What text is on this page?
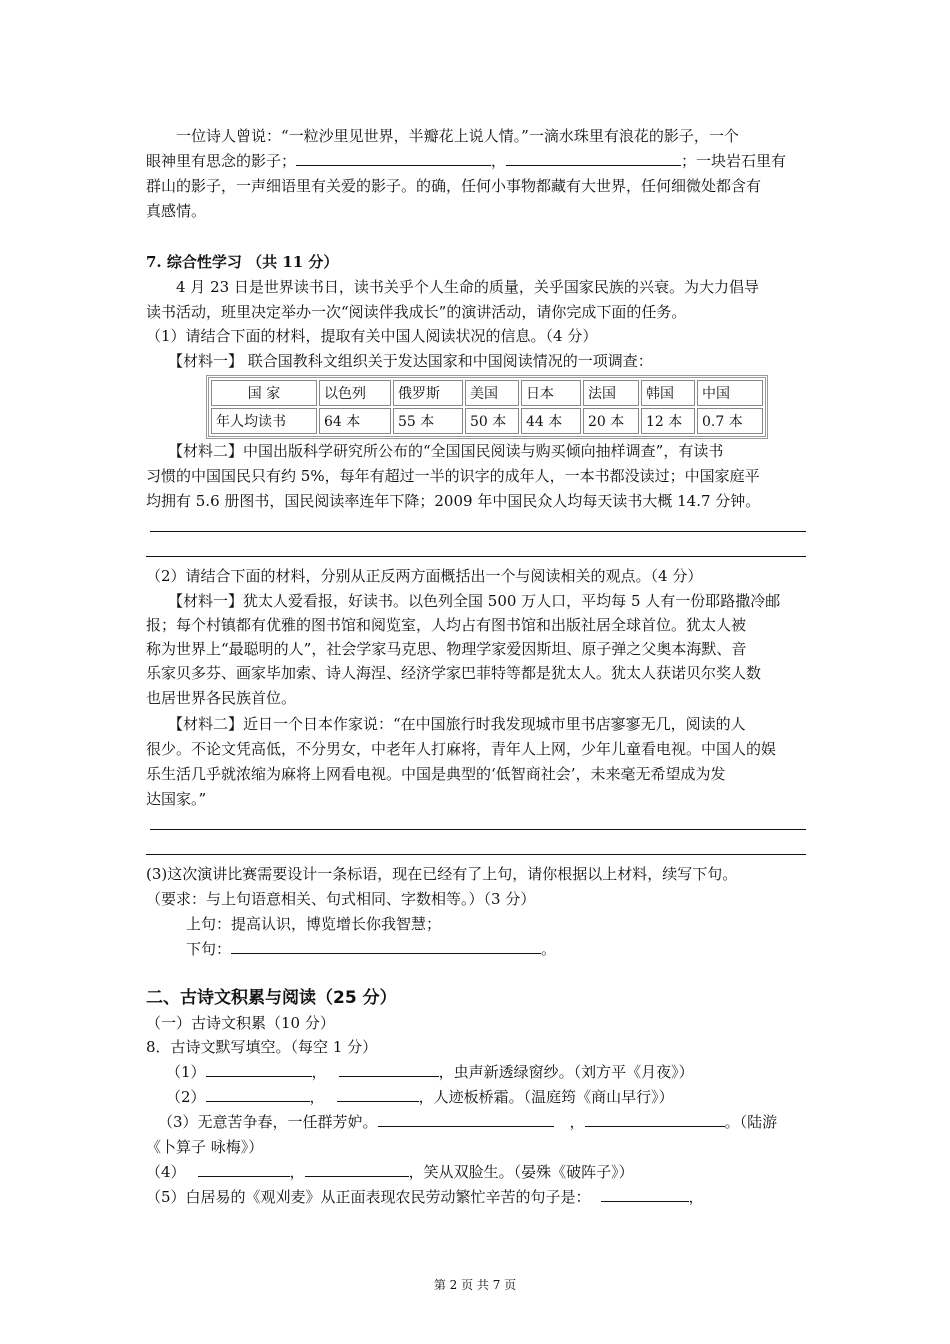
一位诗人曾说：“一粒沙里见世界，半瓣花上说人情。”一滴水珠里有浪花的影子，一个
眼神里有思念的影子；	，	；一块岩石里有
群山的影子，一声细语里有关爱的影子。的确，任何小事物都藏有大世界，任何细微处都含有
真感情。
7. 综合性学习 （共 11 分）
4 月 23 日是世界读书日，读书关乎个人生命的质量，关乎国家民族的兴衰。为大力倡导
读书活动，班里决定举办一次“阅读伴我成长”的演讲活动，请你完成下面的任务。
（1）请结合下面的材料，提取有关中国人阅读状况的信息。（4 分）
【材料一】 联合国教科文组织关于发达国家和中国阅读情况的一项调查：
国 家	以色列	俄罗斯	美国	日本	法国	韩国	中国
年人均读书	64 本	55 本	50 本	44 本	20 本	12 本	0.7 本
【材料二】中国出版科学研究所公布的“全国国民阅读与购买倾向抽样调查”，有读书
习惯的中国国民只有约 5%，每年有超过一半的识字的成年人，一本书都没读过；中国家庭平
均拥有 5.6 册图书，国民阅读率连年下降；2009 年中国民众人均每天读书大概 14.7 分钟。
（2）请结合下面的材料，分别从正反两方面概括出一个与阅读相关的观点。（4 分）
【材料一】犹太人爱看报，好读书。以色列全国 500 万人口，平均每 5 人有一份耶路撒冷邮
报；每个村镇都有优雅的图书馆和阅览室，人均占有图书馆和出版社居全球首位。犹太人被
称为世界上“最聪明的人”，社会学家马克思、物理学家爱因斯坦、原子弹之父奥本海默、音
乐家贝多芬、画家毕加索、诗人海涅、经济学家巴菲特等都是犹太人。犹太人获诺贝尔奖人数
也居世界各民族首位。
【材料二】近日一个日本作家说：“在中国旅行时我发现城市里书店寥寥无几，阅读的人
很少。不论文凭高低，不分男女，中老年人打麻将，青年人上网，少年儿童看电视。中国人的娱
乐生活几乎就浓缩为麻将上网看电视。中国是典型的‘低智商社会’，未来毫无希望成为发
达国家。”
(3)这次演讲比赛需要设计一条标语，现在已经有了上句，请你根据以上材料，续写下句。
（要求：与上句语意相关、句式相同、字数相等。）（3 分）
上句：提高认识，博览增长你我智慧；
下句：	。
二、古诗文积累与阅读（25 分）
（一）古诗文积累（10 分）
8．古诗文默写填空。（每空 1 分）
（1）	，	，虫声新透绿窗纱。（刘方平《月夜》）
（2）	，	，人迹板桥霜。（温庭筠《商山早行》）
（3）无意苦争春，一任群芳妒。	，	。（陆游
《卜算子 咏梅》）
（4）	，	，笑从双脸生。（晏殊《破阵子》）
（5）白居易的《观刈麦》从正面表现农民劳动繁忙辛苦的句子是：	，
第 2 页 共 7 页
